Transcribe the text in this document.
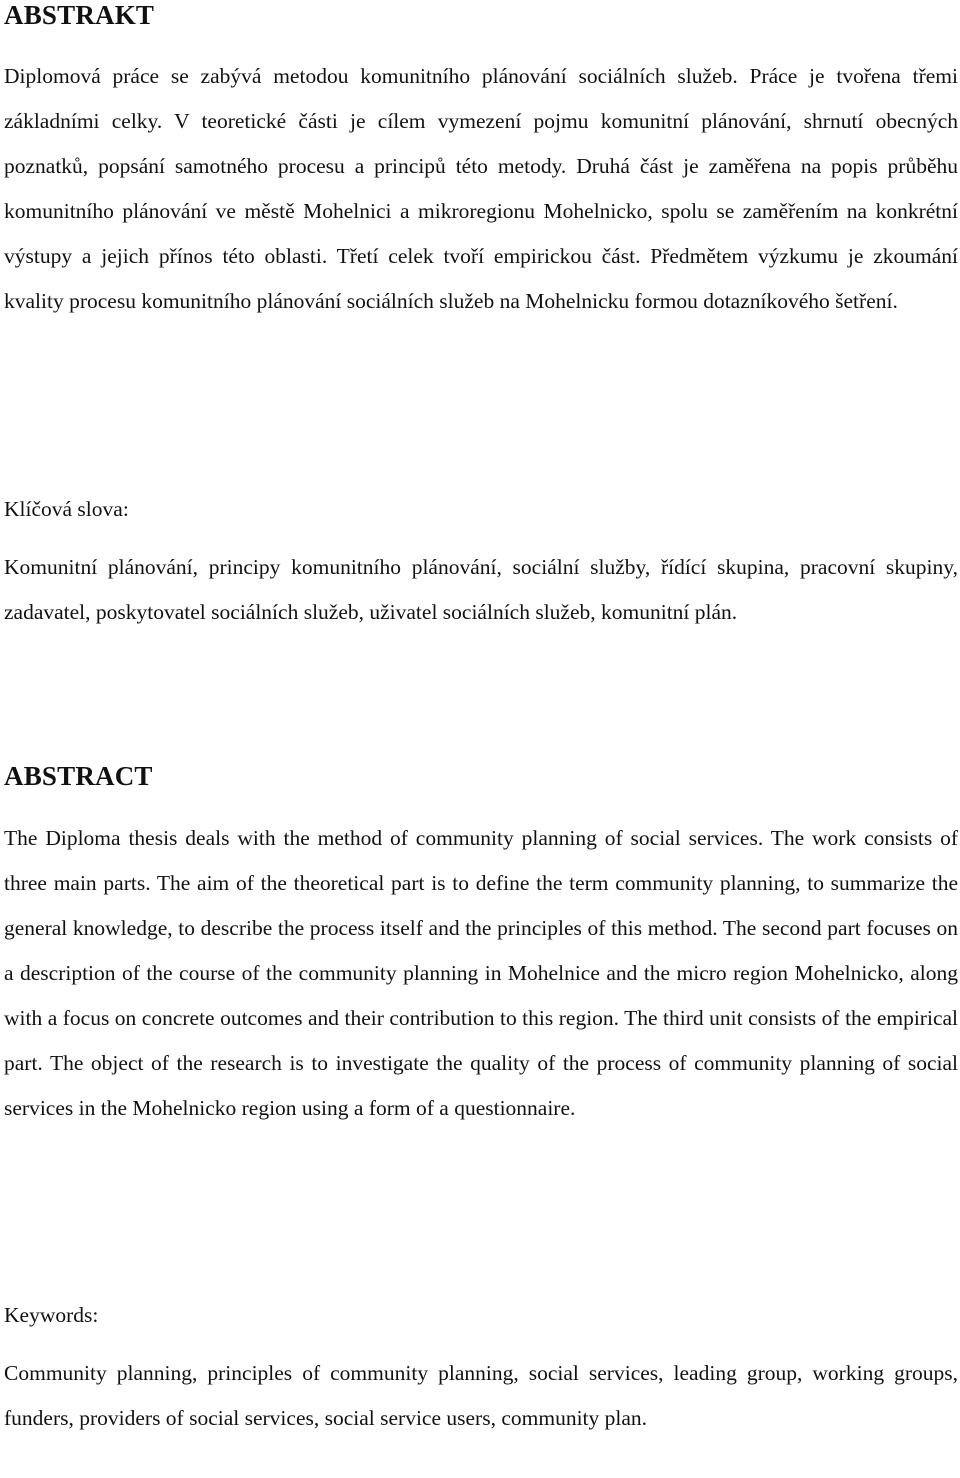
ABSTRAKT

Diplomová práce se zabývá metodou komunitního plánování sociálních služeb. Práce je tvořena třemi základními celky. V teoretické části je cílem vymezení pojmu komunitní plánování, shrnutí obecných poznatků, popsání samotného procesu a principů této metody. Druhá část je zaměřena na popis průběhu komunitního plánování ve městě Mohelnici a mikroregionu Mohelnicko, spolu se zaměřením na konkrétní výstupy a jejich přínos této oblasti. Třetí celek tvoří empirickou část. Předmětem výzkumu je zkoumání kvality procesu komunitního plánování sociálních služeb na Mohelnicku formou dotazníkového šetření.

Klíčová slova:

Komunitní plánování, principy komunitního plánování, sociální služby, řídící skupina, pracovní skupiny, zadavatel, poskytovatel sociálních služeb, uživatel sociálních služeb, komunitní plán.

ABSTRACT

The Diploma thesis deals with the method of community planning of social services. The work consists of three main parts. The aim of the theoretical part is to define the term community planning, to summarize the general knowledge, to describe the process itself and the principles of this method. The second part focuses on a description of the course of the community planning in Mohelnice and the micro region Mohelnicko, along with a focus on concrete outcomes and their contribution to this region. The third unit consists of the empirical part. The object of the research is to investigate the quality of the process of community planning of social services in the Mohelnicko region using a form of a questionnaire.

Keywords:

Community planning, principles of community planning, social services, leading group, working groups, funders, providers of social services, social service users, community plan.
